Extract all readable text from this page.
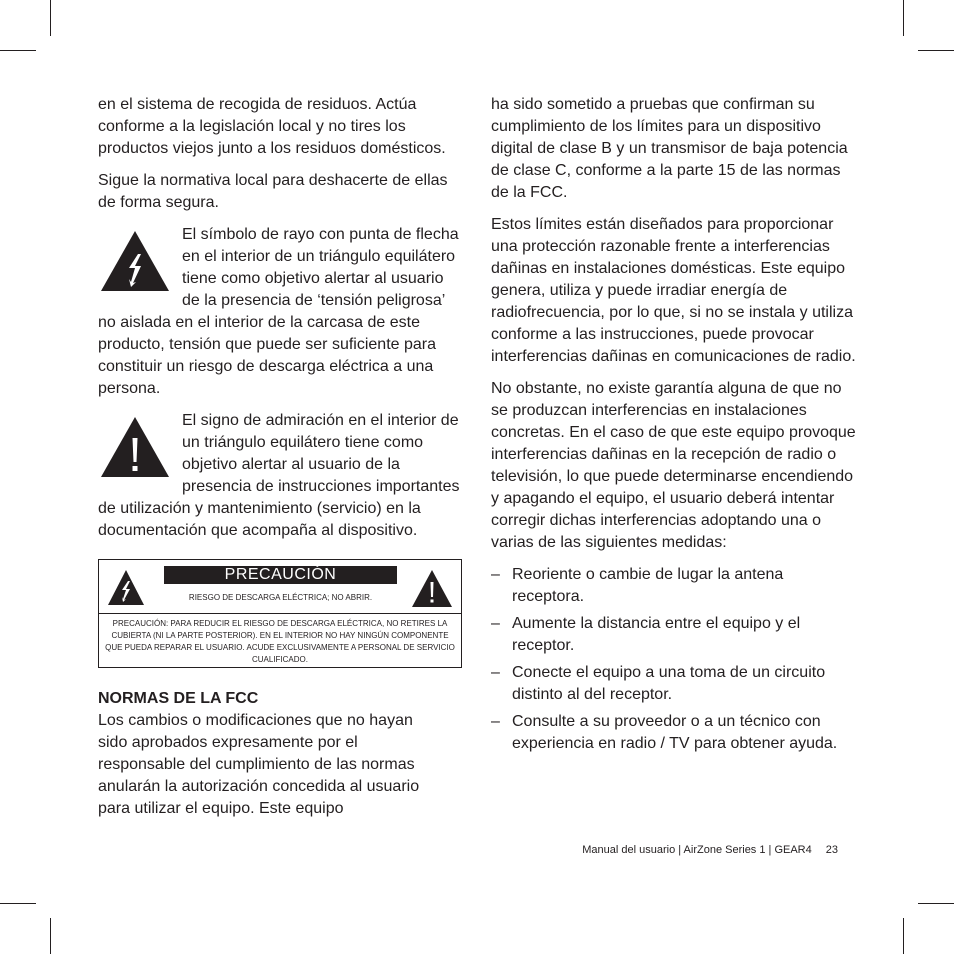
en el sistema de recogida de residuos. Actúa conforme a la legislación local y no tires los productos viejos junto a los residuos domésticos.

Sigue la normativa local para deshacerte de ellas de forma segura.

El símbolo de rayo con punta de flecha en el interior de un triángulo equilátero tiene como objetivo alertar al usuario de la presencia de ‘tensión peligrosa’ no aislada en el interior de la carcasa de este producto, tensión que puede ser suficiente para constituir un riesgo de descarga eléctrica a una persona.
El signo de admiración en el interior de un triángulo equilátero tiene como objetivo alertar al usuario de la presencia de instrucciones importantes de utilización y mantenimiento (servicio) en la documentación que acompaña al dispositivo.
PRECAUCIÓN
RIESGO DE DESCARGA ELÉCTRICA; NO ABRIR.
PRECAUCIÓN: PARA REDUCIR EL RIESGO DE DESCARGA ELÉCTRICA, NO RETIRES LA CUBIERTA (NI LA PARTE POSTERIOR). EN EL INTERIOR NO HAY NINGÚN COMPONENTE QUE PUEDA REPARAR EL USUARIO. ACUDE EXCLUSIVAMENTE A PERSONAL DE SERVICIO CUALIFICADO.
NORMAS DE LA FCC
Los cambios o modificaciones que no hayan sido aprobados expresamente por el responsable del cumplimiento de las normas anularán la autorización concedida al usuario para utilizar el equipo. Este equipo

ha sido sometido a pruebas que confirman su cumplimiento de los límites para un dispositivo digital de clase B y un transmisor de baja potencia de clase C, conforme a la parte 15 de las normas de la FCC.

Estos límites están diseñados para proporcionar una protección razonable frente a interferencias dañinas en instalaciones domésticas. Este equipo genera, utiliza y puede irradiar energía de radiofrecuencia, por lo que, si no se instala y utiliza conforme a las instrucciones, puede provocar interferencias dañinas en comunicaciones de radio.

No obstante, no existe garantía alguna de que no se produzcan interferencias en instalaciones concretas. En el caso de que este equipo provoque interferencias dañinas en la recepción de radio o televisión, lo que puede determinarse encendiendo y apagando el equipo, el usuario deberá intentar corregir dichas interferencias adoptando una o varias de las siguientes medidas:

– Reoriente o cambie de lugar la antena receptora.
– Aumente la distancia entre el equipo y el receptor.
– Conecte el equipo a una toma de un circuito distinto al del receptor.
– Consulte a su proveedor o a un técnico con experiencia en radio / TV para obtener ayuda.
Manual del usuario | AirZone Series 1 | GEAR4 23
